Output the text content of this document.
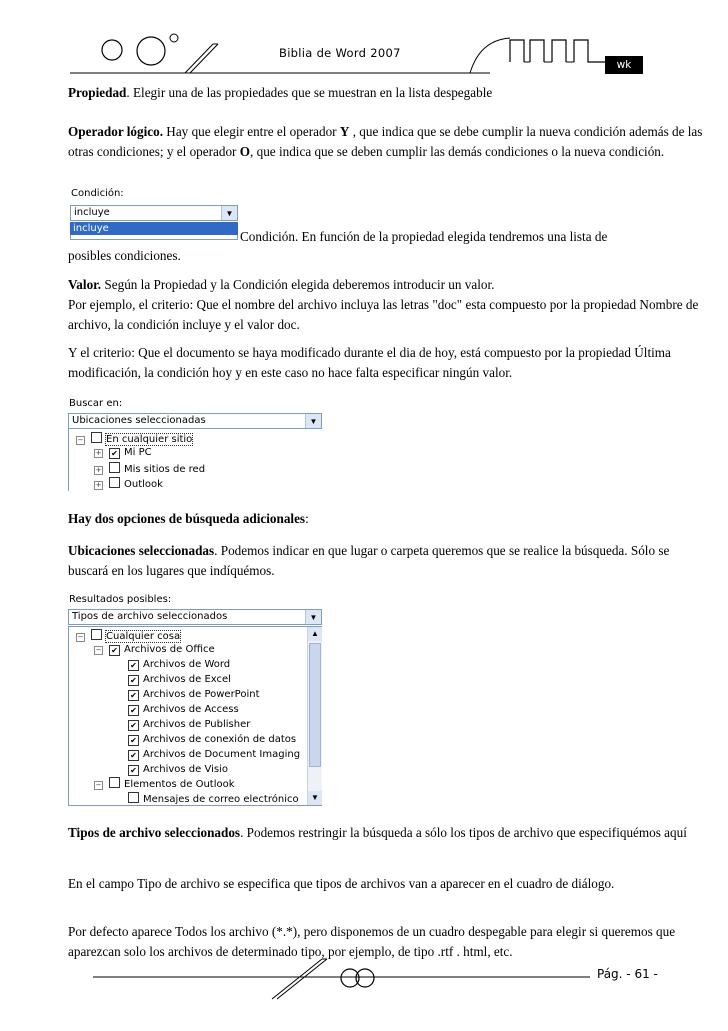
Biblia de Word 2007
wk
Propiedad. Elegir una de las propiedades que se muestran en la lista despegable
Operador lógico. Hay que elegir entre el operador Y , que indica que se debe cumplir la nueva condición además de las otras condiciones; y el operador O, que indica que se deben cumplir las demás condiciones o la nueva condición.
Condición:
incluye	▼
incluye
Condición. En función de la propiedad elegida tendremos una lista de
posibles condiciones.
Valor. Según la Propiedad y la Condición elegida deberemos introducir un valor.
Por ejemplo, el criterio: Que el nombre del archivo incluya las letras "doc" esta compuesto por la propiedad Nombre de archivo, la condición incluye y el valor doc.
Y el criterio: Que el documento se haya modificado durante el dia de hoy, está compuesto por la propiedad Última modificación, la condición hoy y en este caso no hace falta especificar ningún valor.
Buscar en:
Ubicaciones seleccionadas	▼
− En cualquier sitio
+ ✔ Mi PC
+ Mis sitios de red
+ Outlook
Hay dos opciones de búsqueda adicionales:
Ubicaciones seleccionadas. Podemos indicar en que lugar o carpeta queremos que se realice la búsqueda. Sólo se buscará en los lugares que indíquémos.
Resultados posibles:
Tipos de archivo seleccionados	▼
▲
▼
− Cualquier cosa
− ✔ Archivos de Office
✔ Archivos de Word
✔ Archivos de Excel
✔ Archivos de PowerPoint
✔ Archivos de Access
✔ Archivos de Publisher
✔ Archivos de conexión de datos
✔ Archivos de Document Imaging
✔ Archivos de Visio
− Elementos de Outlook
Mensajes de correo electrónico
Tipos de archivo seleccionados. Podemos restringir la búsqueda a sólo los tipos de archivo que especifiquémos aquí
En el campo Tipo de archivo se especifica que tipos de archivos van a aparecer en el cuadro de diálogo.
Por defecto aparece Todos los archivo (*.*), pero disponemos de un cuadro despegable para elegir si queremos que aparezcan solo los archivos de determinado tipo, por ejemplo, de tipo .rtf . html, etc.
Pág. - 61 -
